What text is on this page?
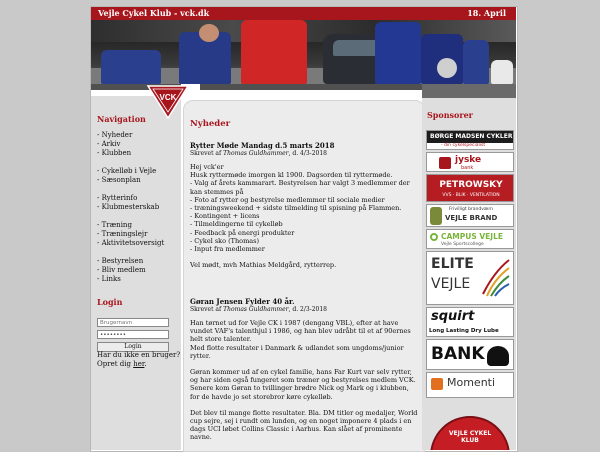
Vejle Cykel Klub - vck.dk	18. April
Navigation
- Nyheder
- Arkiv
- Klubben
- Cykelløb i Vejle
- Sæsonplan
- Rytterinfo
- Klubmesterskab
- Træning
- Træningslejr
- Aktivitetsoversigt
- Bestyrelsen
- Bliv medlem
- Links
Login
Brugernavn
••••••••
Login
Har du ikke en bruger? Opret dig her.
VCK
Nyheder
Rytter Møde Mandag d.5 marts 2018
Skrevet af Thomas Guldhammer, d. 4/3-2018

Hej vck'er
Husk ryttermøde imorgen kl 1900. Dagsorden til ryttermøde.
- Valg af årets kammarart. Bestyrelsen har valgt 3 medlemmer der kan stemmes på
- Foto af rytter og bestyrelse medlemmer til sociale medier
- træningsweekend + sidste tilmelding til spisning på Flammen.
- Kontingent + licens
- Tilmeldingerne til cykelløb
- Feedback på energi produkter
- Cykel sko (Thomas)
- Input fra medlemmer

Vel mødt, mvh Mathias Meldgård, rytterrep.

Gøran Jensen Fylder 40 år.
Skrevet af Thomas Guldhammer, d. 2/3-2018

Han tørnet ud for Vejle CK i 1987 (dengang VBL), efter at have vundet VAF's talenthjul i 1986, og han blev udråbt til et af 90ernes helt store talenter.
Med flotte resultater i Danmark & udlandet som ungdoms/junior rytter.

Gøran kommer ud af en cykel familie, hans Far Kurt var selv rytter, og har siden også fungeret som træner og bestyrelses medlem VCK. Senere kom Gøran to tvillinger brødre Nick og Mark og i klubben, for de havde jo set storebror køre cykelløb.

Det blev til mange flotte resultater. Bla. DM titler og medaljer, World cup sejre, sej i rundt om lunden, og en noget imponere 4 plads i en dags UCI løbet Collins Classic i Aarhus. Kan slået af prominente navne.

Sponsorer
BØRGE MADSEN CYKLER
- din cykelspecialist
jyske
bank
PETROWSKY
VVS · BLIK · VENTILATION
Frivilligt brandværn
VEJLE BRAND
CAMPUS VEJLE
Vejle Sportscollege
ELITE
VEJLE
squirt
Long Lasting Dry Lube
BANK
Momenti
VEJLE CYKEL KLUB
